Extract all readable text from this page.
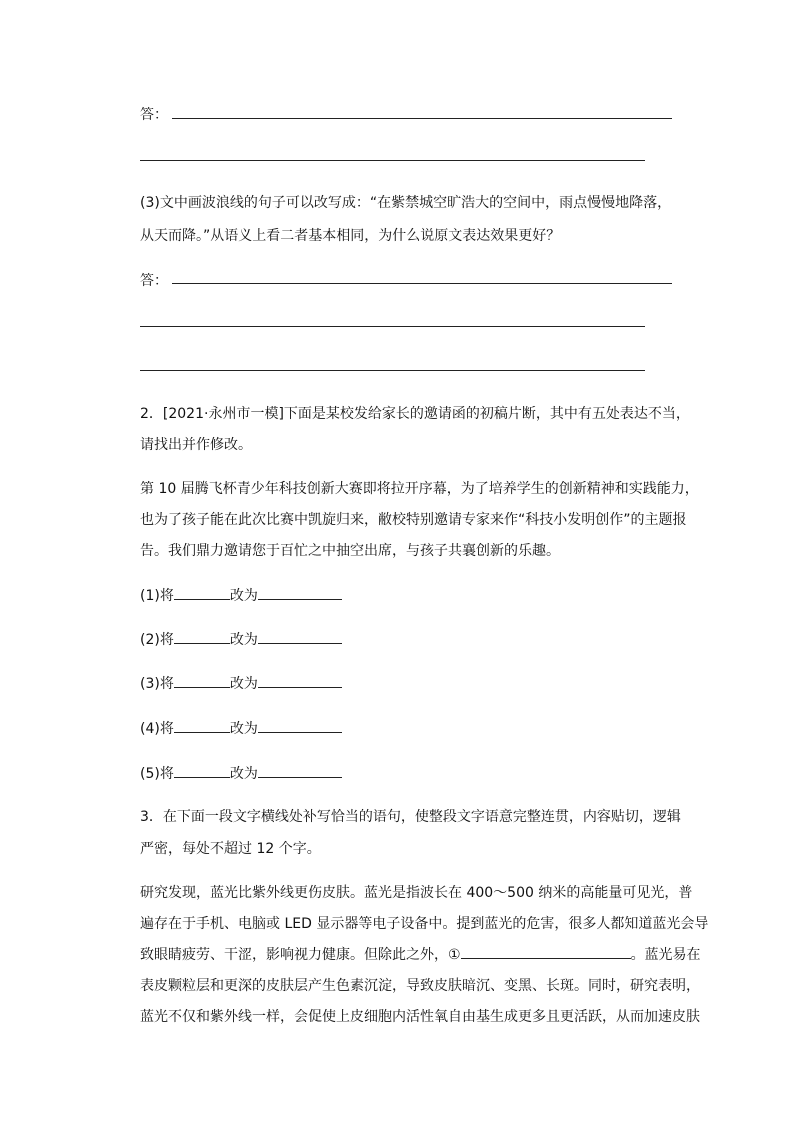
答：
(3)文中画波浪线的句子可以改写成：“在紫禁城空旷浩大的空间中，雨点慢慢地降落，
从天而降。”从语义上看二者基本相同，为什么说原文表达效果更好？
答：
2．[2021·永州市一模]下面是某校发给家长的邀请函的初稿片断，其中有五处表达不当，
请找出并作修改。
第 10 届腾飞杯青少年科技创新大赛即将拉开序幕，为了培养学生的创新精神和实践能力，
也为了孩子能在此次比赛中凯旋归来，敝校特别邀请专家来作“科技小发明创作”的主题报
告。我们鼎力邀请您于百忙之中抽空出席，与孩子共襄创新的乐趣。
(1)将	改为
(2)将	改为
(3)将	改为
(4)将	改为
(5)将	改为
3．在下面一段文字横线处补写恰当的语句，使整段文字语意完整连贯，内容贴切，逻辑
严密，每处不超过 12 个字。
研究发现，蓝光比紫外线更伤皮肤。蓝光是指波长在 400～500 纳米的高能量可见光，普
遍存在于手机、电脑或 LED 显示器等电子设备中。提到蓝光的危害，很多人都知道蓝光会导
致眼睛疲劳、干涩，影响视力健康。但除此之外，①	。蓝光易在
表皮颗粒层和更深的皮肤层产生色素沉淀，导致皮肤暗沉、变黑、长斑。同时，研究表明，
蓝光不仅和紫外线一样，会促使上皮细胞内活性氧自由基生成更多且更活跃，从而加速皮肤
